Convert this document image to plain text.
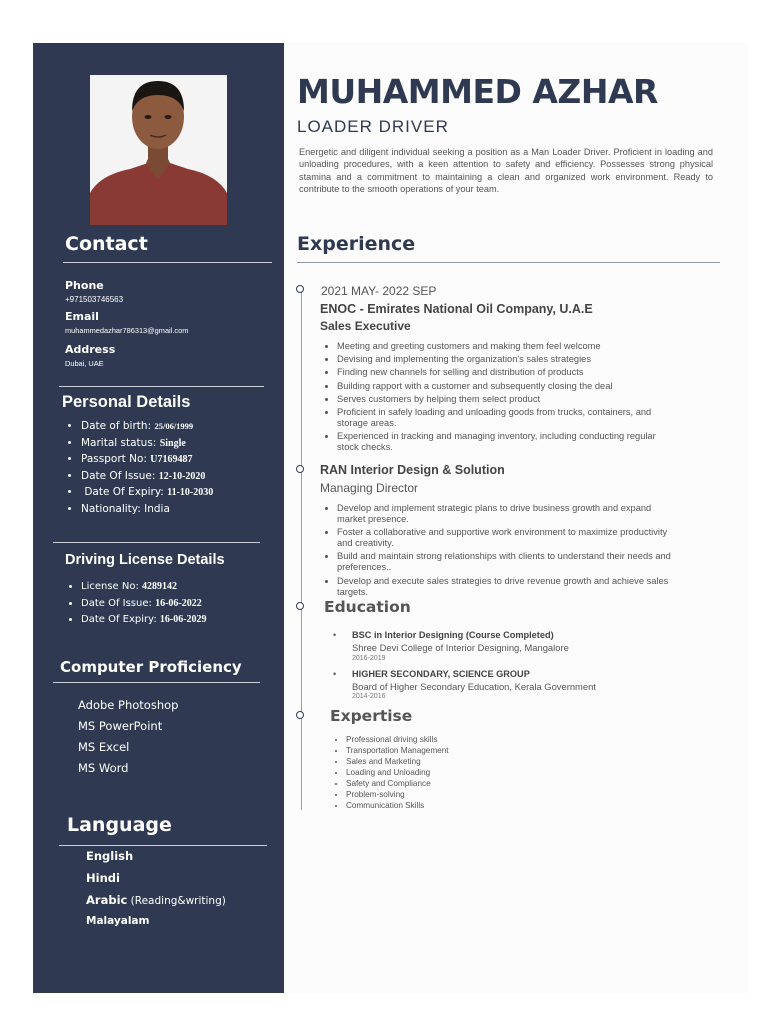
Contact
Phone
+971503746563
Email
muhammedazhar786313@gmail.com
Address
Dubai, UAE
Personal Details
• Date of birth: 25/06/1999
• Marital status: Single
• Passport No: U7169487
• Date Of Issue: 12-10-2020
•  Date Of Expiry: 11-10-2030
• Nationality: India
Driving License Details
• License No: 4289142
• Date Of Issue: 16-06-2022
• Date Of Expiry: 16-06-2029
Computer Proficiency
Adobe Photoshop
MS PowerPoint
MS Excel
MS Word
Language
English
Hindi
Arabic (Reading&writing)
Malayalam
MUHAMMED AZHAR
LOADER DRIVER

Energetic and diligent individual seeking a position as a Man Loader Driver. Proficient in loading and unloading procedures, with a keen attention to safety and efficiency. Possesses strong physical stamina and a commitment to maintaining a clean and organized work environment. Ready to contribute to the smooth operations of your team.

Experience
2021 MAY- 2022 SEP
ENOC - Emirates National Oil Company, U.A.E
Sales Executive
• Meeting and greeting customers and making them feel welcome
• Devising and implementing the organization's sales strategies
• Finding new channels for selling and distribution of products
• Building rapport with a customer and subsequently closing the deal
• Serves customers by helping them select product
• Proficient in safely loading and unloading goods from trucks, containers, and storage areas.
• Experienced in tracking and managing inventory, including conducting regular stock checks.
RAN Interior Design & Solution
Managing Director
• Develop and implement strategic plans to drive business growth and expand market presence.
• Foster a collaborative and supportive work environment to maximize productivity and creativity.
• Build and maintain strong relationships with clients to understand their needs and preferences..
• Develop and execute sales strategies to drive revenue growth and achieve sales targets.
Education
• BSC in Interior Designing (Course Completed)
Shree Devi College of Interior Designing, Mangalore
2016-2019
• HIGHER SECONDARY, SCIENCE GROUP
Board of Higher Secondary Education, Kerala Government
2014-2016
Expertise
• Professional driving skills
• Transportation Management
• Sales and Marketing
• Loading and Unloading
• Safety and Compliance
• Problem-solving
• Communication Skills
